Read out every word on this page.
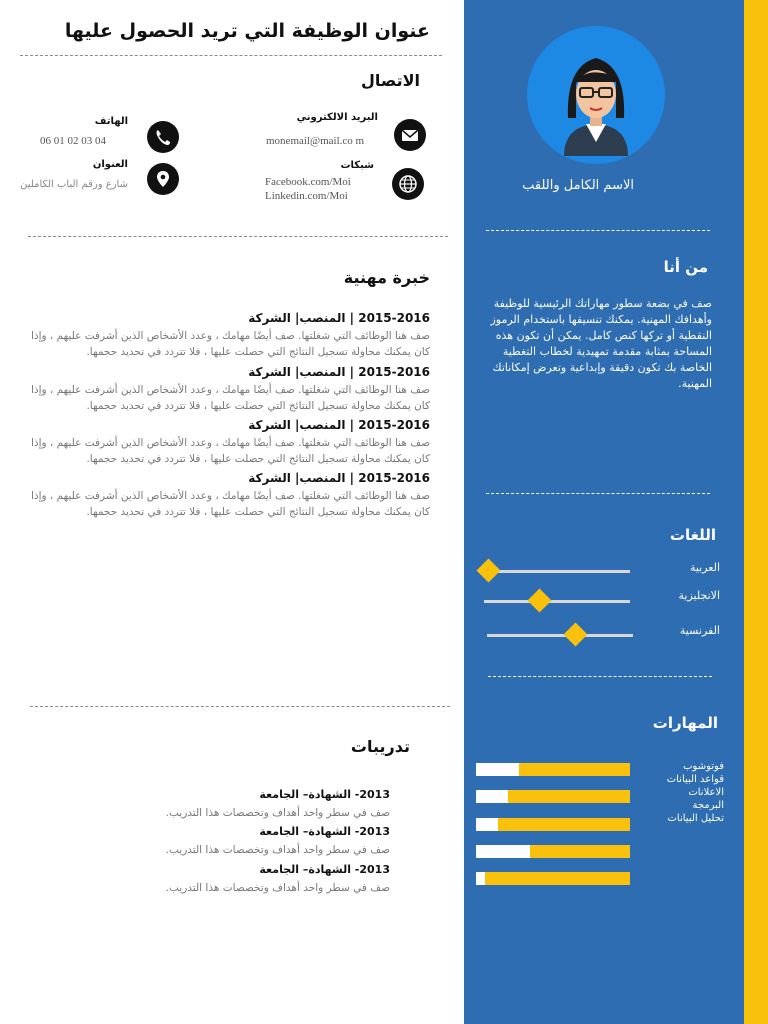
الاسم الكامل واللقب
من أنا
صف في بضعة سطور مهاراتك الرئيسية للوظيفة وأهدافك المهنية. يمكنك تنسيقها باستخدام الرموز النقطية أو تركها كنص كامل. يمكن أن تكون هذه المساحة بمثابة مقدمة تمهيدية لخطاب التغطية الخاصة بك تكون دقيقة وإبداعية وتعرض إمكاناتك المهنية.
اللغات
العربية
الانجليزية
الفرنسية
المهارات
فوتوشوب
قواعد البيانات
الاعلانات
البرمجة
تحليل البيانات
عنوان الوظيفة التي تريد الحصول عليها
الاتصال
البريد الالكتروني
monemail@mail.co m
الهاتف
06 01 02 03 04
شبكات
Facebook.com/Moi
Linkedin.com/Moi
العنوان
شارع ورقم الباب الكاملين
خبرة مهنية
2015-2016 | المنصب| الشركة
صف هنا الوظائف التي شغلتها. صف أيضًا مهامك ، وعدد الأشخاص الذين أشرفت عليهم ، وإذا كان يمكنك محاولة تسجيل النتائج التي حصلت عليها ، فلا تتردد في تحديد حجمها.
2015-2016 | المنصب| الشركة
صف هنا الوظائف التي شغلتها. صف أيضًا مهامك ، وعدد الأشخاص الذين أشرفت عليهم ، وإذا كان يمكنك محاولة تسجيل النتائج التي حصلت عليها ، فلا تتردد في تحديد حجمها.
2015-2016 | المنصب| الشركة
صف هنا الوظائف التي شغلتها. صف أيضًا مهامك ، وعدد الأشخاص الذين أشرفت عليهم ، وإذا كان يمكنك محاولة تسجيل النتائج التي حصلت عليها ، فلا تتردد في تحديد حجمها.
2015-2016 | المنصب| الشركة
صف هنا الوظائف التي شغلتها. صف أيضًا مهامك ، وعدد الأشخاص الذين أشرفت عليهم ، وإذا كان يمكنك محاولة تسجيل النتائج التي حصلت عليها ، فلا تتردد في تحديد حجمها.
تدريبات
2013- الشهادة– الجامعة
صف في سطر واحد أهداف وتخصصات هذا التدريب.
2013- الشهادة– الجامعة
صف في سطر واحد أهداف وتخصصات هذا التدريب.
2013- الشهادة– الجامعة
صف في سطر واحد أهداف وتخصصات هذا التدريب.
